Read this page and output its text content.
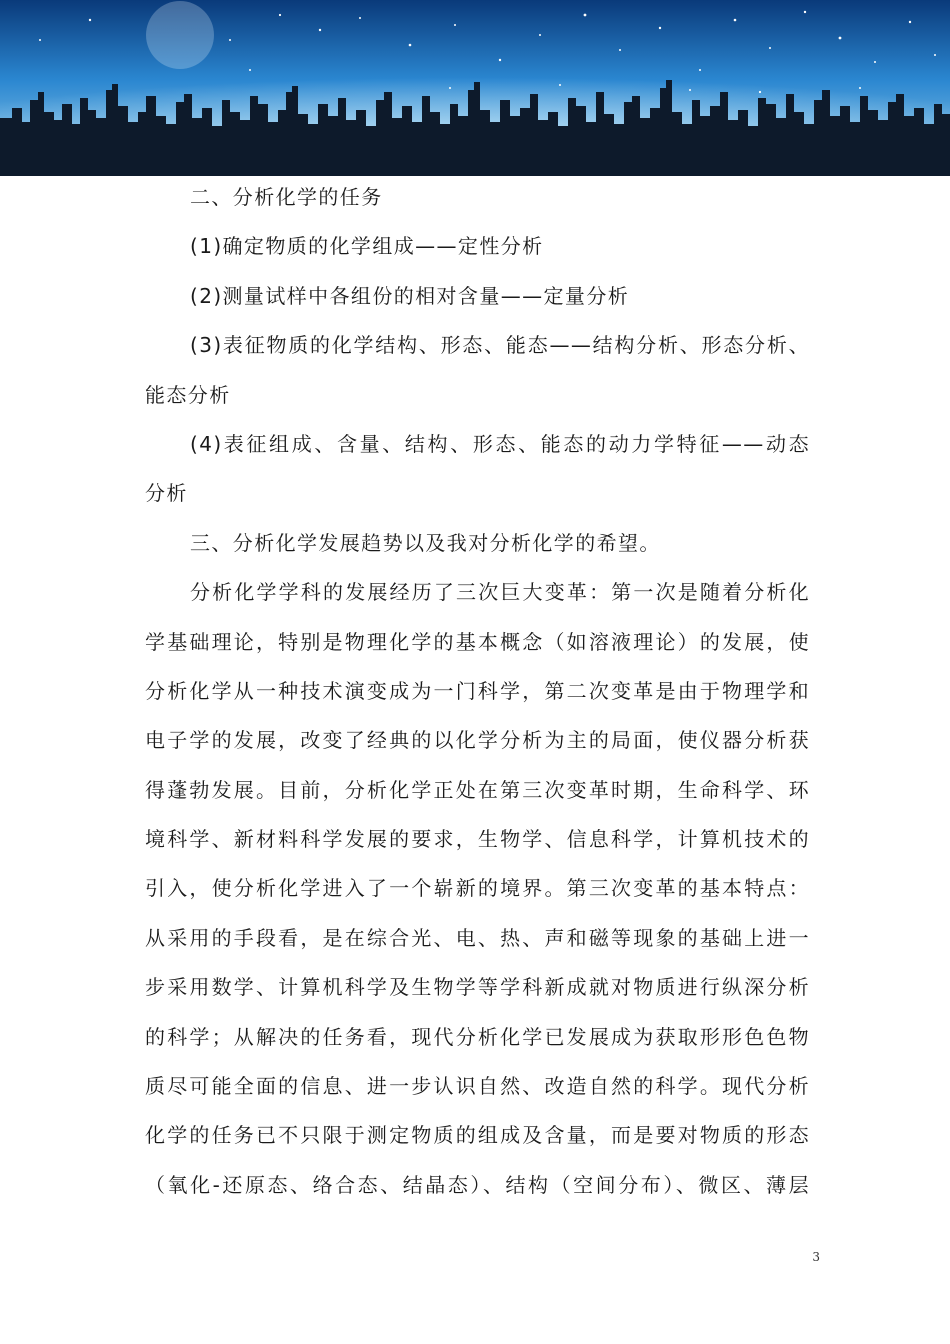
二、分析化学的任务
(1)确定物质的化学组成——定性分析
(2)测量试样中各组份的相对含量——定量分析
(3)表征物质的化学结构、形态、能态——结构分析、形态分析、
能态分析
(4)表征组成、含量、结构、形态、能态的动力学特征——动态
分析
三、分析化学发展趋势以及我对分析化学的希望。
分析化学学科的发展经历了三次巨大变革：第一次是随着分析化
学基础理论，特别是物理化学的基本概念（如溶液理论）的发展，使
分析化学从一种技术演变成为一门科学，第二次变革是由于物理学和
电子学的发展，改变了经典的以化学分析为主的局面，使仪器分析获
得蓬勃发展。目前，分析化学正处在第三次变革时期，生命科学、环
境科学、新材料科学发展的要求，生物学、信息科学，计算机技术的
引入，使分析化学进入了一个崭新的境界。第三次变革的基本特点：
从采用的手段看，是在综合光、电、热、声和磁等现象的基础上进一
步采用数学、计算机科学及生物学等学科新成就对物质进行纵深分析
的科学；从解决的任务看，现代分析化学已发展成为获取形形色色物
质尽可能全面的信息、进一步认识自然、改造自然的科学。现代分析
化学的任务已不只限于测定物质的组成及含量，而是要对物质的形态
（氧化-还原态、络合态、结晶态）、结构（空间分布）、微区、薄层
3
